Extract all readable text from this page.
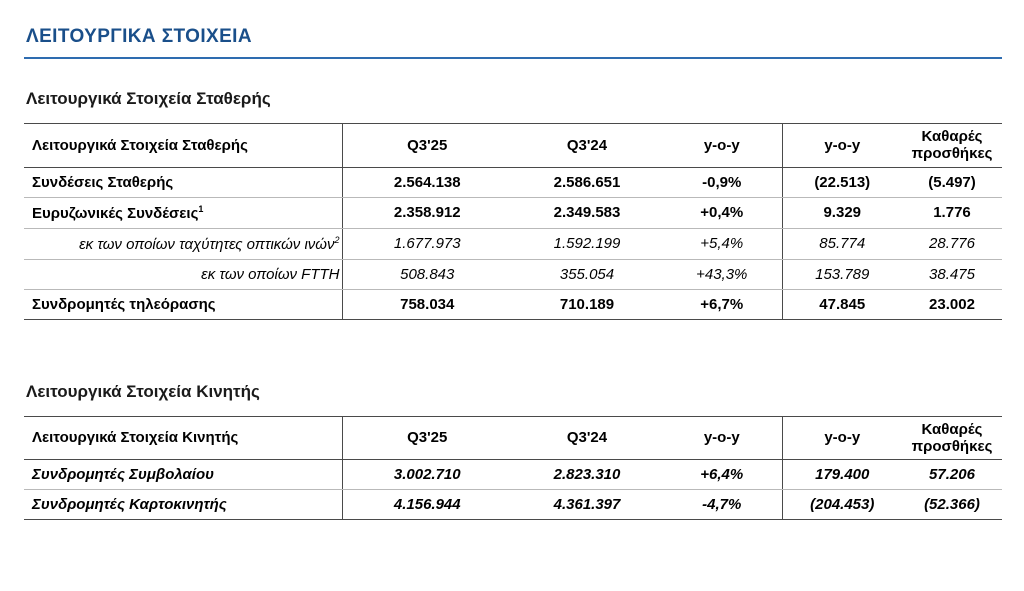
ΛΕΙΤΟΥΡΓΙΚΑ ΣΤΟΙΧΕΙΑ
Λειτουργικά Στοιχεία Σταθερής
Λειτουργικά Στοιχεία Σταθερής	Q3'25	Q3'24	y-o-y	y-o-y	Καθαρές προσθήκες
Συνδέσεις Σταθερής	2.564.138	2.586.651	-0,9%	(22.513)	(5.497)
Ευρυζωνικές Συνδέσεις$^1$	2.358.912	2.349.583	+0,4%	9.329	1.776
εκ των οποίων ταχύτητες οπτικών ινών$^2$	1.677.973	1.592.199	+5,4%	85.774	28.776
εκ των οποίων FTTH	508.843	355.054	+43,3%	153.789	38.475
Συνδρομητές τηλεόρασης	758.034	710.189	+6,7%	47.845	23.002
Λειτουργικά Στοιχεία Κινητής
Λειτουργικά Στοιχεία Κινητής	Q3'25	Q3'24	y-o-y	y-o-y	Καθαρές προσθήκες
Συνδρομητές Συμβολαίου	3.002.710	2.823.310	+6,4%	179.400	57.206
Συνδρομητές Καρτοκινητής	4.156.944	4.361.397	-4,7%	(204.453)	(52.366)
